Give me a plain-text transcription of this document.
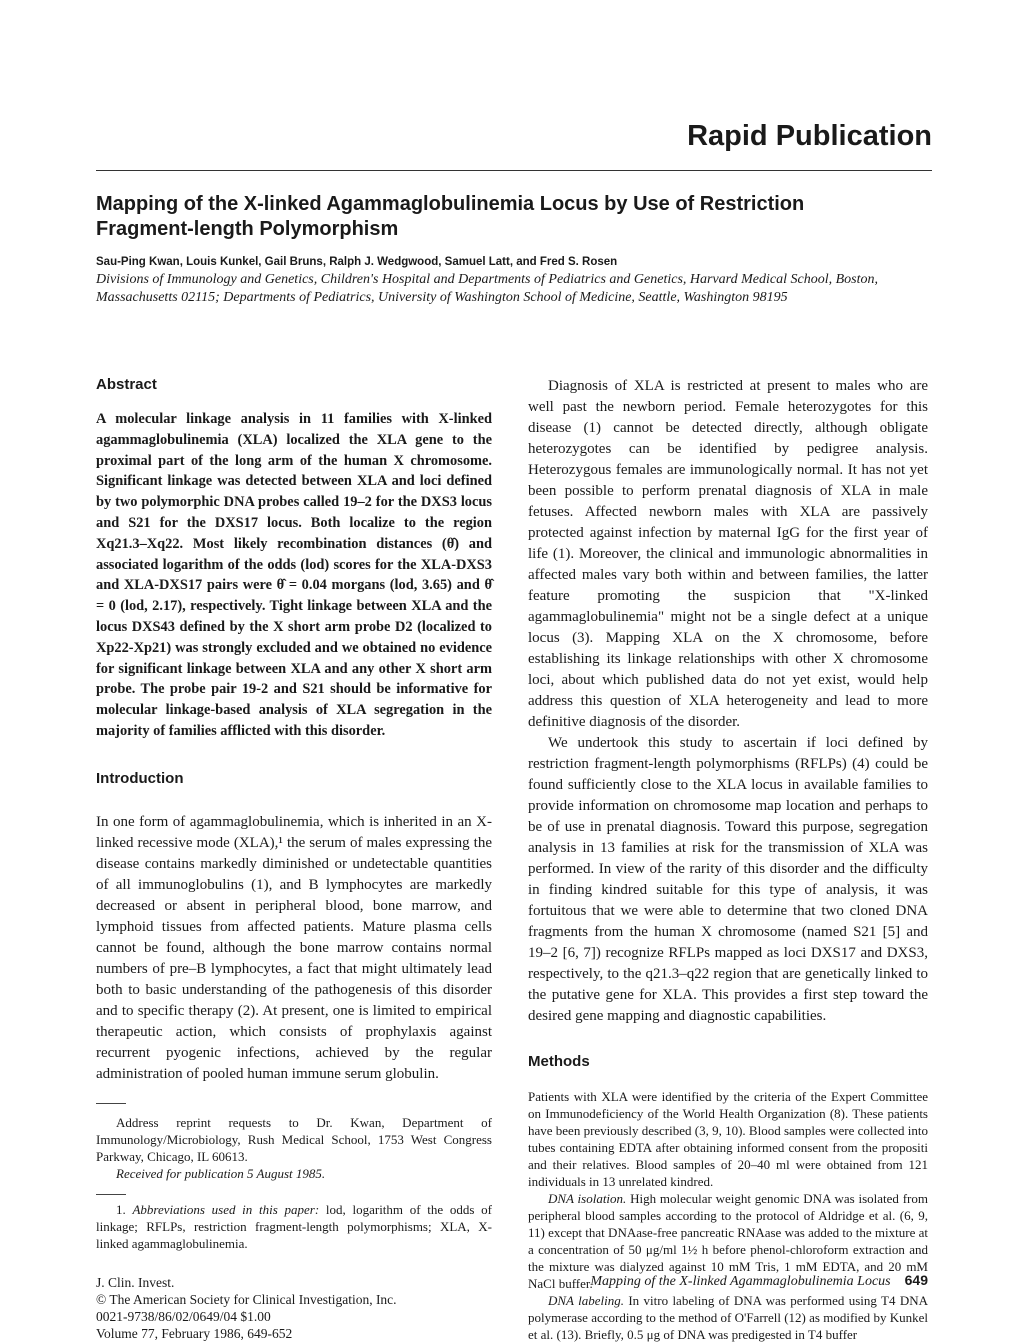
Rapid Publication
Mapping of the X-linked Agammaglobulinemia Locus by Use of Restriction Fragment-length Polymorphism
Sau-Ping Kwan, Louis Kunkel, Gail Bruns, Ralph J. Wedgwood, Samuel Latt, and Fred S. Rosen
Divisions of Immunology and Genetics, Children's Hospital and Departments of Pediatrics and Genetics, Harvard Medical School, Boston, Massachusetts 02115; Departments of Pediatrics, University of Washington School of Medicine, Seattle, Washington 98195
Abstract

A molecular linkage analysis in 11 families with X-linked agammaglobulinemia (XLA) localized the XLA gene to the proximal part of the long arm of the human X chromosome. Significant linkage was detected between XLA and loci defined by two polymorphic DNA probes called 19–2 for the DXS3 locus and S21 for the DXS17 locus. Both localize to the region Xq21.3–Xq22. Most likely recombination distances (θ̂) and associated logarithm of the odds (lod) scores for the XLA-DXS3 and XLA-DXS17 pairs were θ̂ = 0.04 morgans (lod, 3.65) and θ̂ = 0 (lod, 2.17), respectively. Tight linkage between XLA and the locus DXS43 defined by the X short arm probe D2 (localized to Xp22-Xp21) was strongly excluded and we obtained no evidence for significant linkage between XLA and any other X short arm probe. The probe pair 19-2 and S21 should be informative for molecular linkage-based analysis of XLA segregation in the majority of families afflicted with this disorder.

Introduction

In one form of agammaglobulinemia, which is inherited in an X-linked recessive mode (XLA),¹ the serum of males expressing the disease contains markedly diminished or undetectable quantities of all immunoglobulins (1), and B lymphocytes are markedly decreased or absent in peripheral blood, bone marrow, and lymphoid tissues from affected patients. Mature plasma cells cannot be found, although the bone marrow contains normal numbers of pre–B lymphocytes, a fact that might ultimately lead both to basic understanding of the pathogenesis of this disorder and to specific therapy (2). At present, one is limited to empirical therapeutic action, which consists of prophylaxis against recurrent pyogenic infections, achieved by the regular administration of pooled human immune serum globulin.

Address reprint requests to Dr. Kwan, Department of Immunology/Microbiology, Rush Medical School, 1753 West Congress Parkway, Chicago, IL 60613.

Received for publication 5 August 1985.

1. Abbreviations used in this paper: lod, logarithm of the odds of linkage; RFLPs, restriction fragment-length polymorphisms; XLA, X-linked agammaglobulinemia.

J. Clin. Invest.
© The American Society for Clinical Investigation, Inc.
0021-9738/86/02/0649/04 $1.00
Volume 77, February 1986, 649-652

Diagnosis of XLA is restricted at present to males who are well past the newborn period. Female heterozygotes for this disease (1) cannot be detected directly, although obligate heterozygotes can be identified by pedigree analysis. Heterozygous females are immunologically normal. It has not yet been possible to perform prenatal diagnosis of XLA in male fetuses. Affected newborn males with XLA are passively protected against infection by maternal IgG for the first year of life (1). Moreover, the clinical and immunologic abnormalities in affected males vary both within and between families, the latter feature promoting the suspicion that "X-linked agammaglobulinemia" might not be a single defect at a unique locus (3). Mapping XLA on the X chromosome, before establishing its linkage relationships with other X chromosome loci, about which published data do not yet exist, would help address this question of XLA heterogeneity and lead to more definitive diagnosis of the disorder.

We undertook this study to ascertain if loci defined by restriction fragment-length polymorphisms (RFLPs) (4) could be found sufficiently close to the XLA locus in available families to provide information on chromosome map location and perhaps to be of use in prenatal diagnosis. Toward this purpose, segregation analysis in 13 families at risk for the transmission of XLA was performed. In view of the rarity of this disorder and the difficulty in finding kindred suitable for this type of analysis, it was fortuitous that we were able to determine that two cloned DNA fragments from the human X chromosome (named S21 [5] and 19–2 [6, 7]) recognize RFLPs mapped as loci DXS17 and DXS3, respectively, to the q21.3–q22 region that are genetically linked to the putative gene for XLA. This provides a first step toward the desired gene mapping and diagnostic capabilities.

Methods

Patients with XLA were identified by the criteria of the Expert Committee on Immunodeficiency of the World Health Organization (8). These patients have been previously described (3, 9, 10). Blood samples were collected into tubes containing EDTA after obtaining informed consent from the propositi and their relatives. Blood samples of 20–40 ml were obtained from 121 individuals in 13 unrelated kindred.

DNA isolation. High molecular weight genomic DNA was isolated from peripheral blood samples according to the protocol of Aldridge et al. (6, 9, 11) except that DNAase-free pancreatic RNAase was added to the mixture at a concentration of 50 μg/ml 1½ h before phenol-chloroform extraction and the mixture was dialyzed against 10 mM Tris, 1 mM EDTA, and 20 mM NaCl buffer.

DNA labeling. In vitro labeling of DNA was performed using T4 DNA polymerase according to the method of O'Farrell (12) as modified by Kunkel et al. (13). Briefly, 0.5 μg of DNA was predigested in T4 buffer

Mapping of the X-linked Agammaglobulinemia Locus 649
